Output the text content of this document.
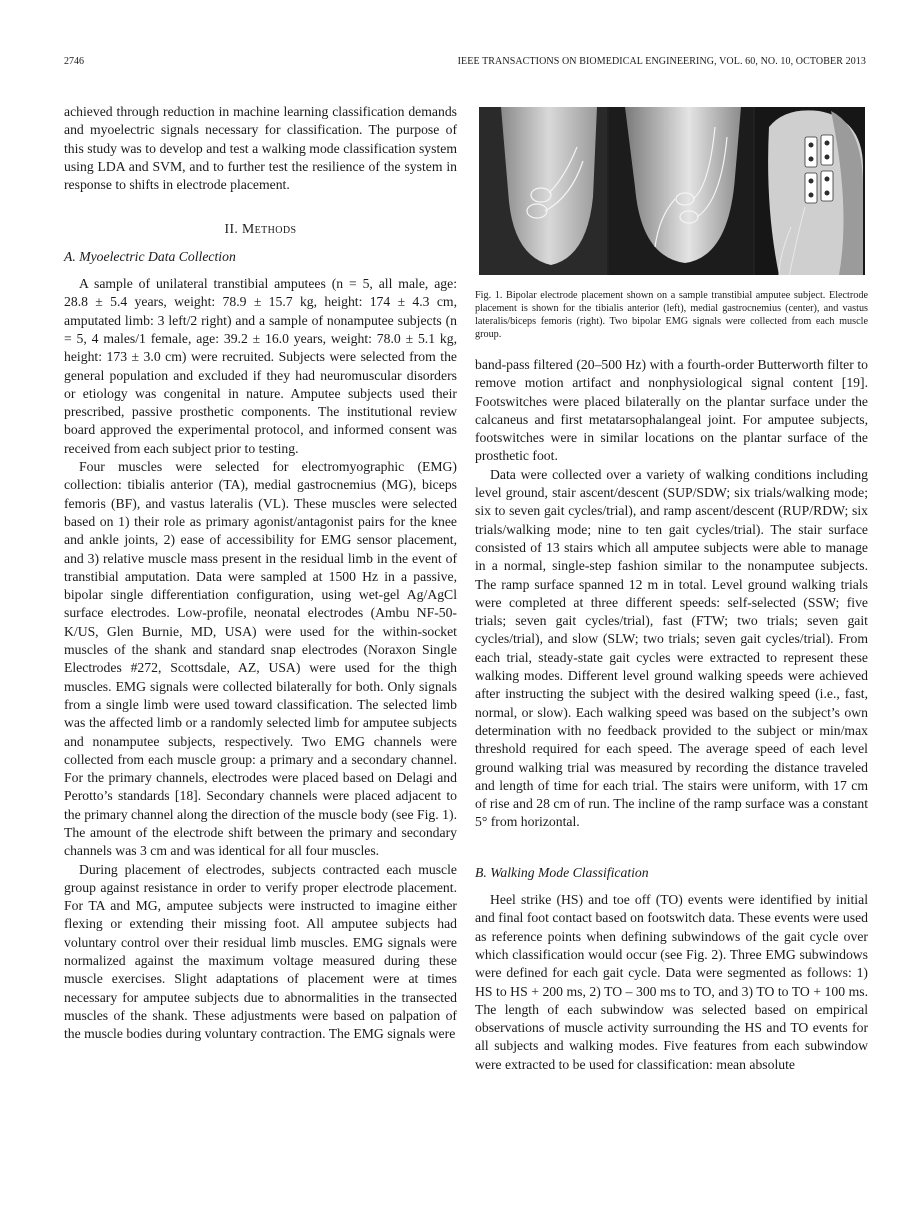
2746	IEEE TRANSACTIONS ON BIOMEDICAL ENGINEERING, VOL. 60, NO. 10, OCTOBER 2013

achieved through reduction in machine learning classification demands and myoelectric signals necessary for classification. The purpose of this study was to develop and test a walking mode classification system using LDA and SVM, and to further test the resilience of the system in response to shifts in electrode placement.

II. Methods
A. Myoelectric Data Collection

A sample of unilateral transtibial amputees (n = 5, all male, age: 28.8 ± 5.4 years, weight: 78.9 ± 15.7 kg, height: 174 ± 4.3 cm, amputated limb: 3 left/2 right) and a sample of nonamputee subjects (n = 5, 4 males/1 female, age: 39.2 ± 16.0 years, weight: 78.0 ± 5.1 kg, height: 173 ± 3.0 cm) were recruited. Subjects were selected from the general population and excluded if they had neuromuscular disorders or etiology was congenital in nature. Amputee subjects used their prescribed, passive prosthetic components. The institutional review board approved the experimental protocol, and informed consent was received from each subject prior to testing.

Four muscles were selected for electromyographic (EMG) collection: tibialis anterior (TA), medial gastrocnemius (MG), biceps femoris (BF), and vastus lateralis (VL). These muscles were selected based on 1) their role as primary agonist/antagonist pairs for the knee and ankle joints, 2) ease of accessibility for EMG sensor placement, and 3) relative muscle mass present in the residual limb in the event of transtibial amputation. Data were sampled at 1500 Hz in a passive, bipolar single differentiation configuration, using wet-gel Ag/AgCl surface electrodes. Low-profile, neonatal electrodes (Ambu NF-50-K/US, Glen Burnie, MD, USA) were used for the within-socket muscles of the shank and standard snap electrodes (Noraxon Single Electrodes #272, Scottsdale, AZ, USA) were used for the thigh muscles. EMG signals were collected bilaterally for both. Only signals from a single limb were used toward classification. The selected limb was the affected limb or a randomly selected limb for amputee subjects and nonamputee subjects, respectively. Two EMG channels were collected from each muscle group: a primary and a secondary channel. For the primary channels, electrodes were placed based on Delagi and Perotto’s standards [18]. Secondary channels were placed adjacent to the primary channel along the direction of the muscle body (see Fig. 1). The amount of the electrode shift between the primary and secondary channels was 3 cm and was identical for all four muscles.

During placement of electrodes, subjects contracted each muscle group against resistance in order to verify proper electrode placement. For TA and MG, amputee subjects were instructed to imagine either flexing or extending their missing foot. All amputee subjects had voluntary control over their residual limb muscles. EMG signals were normalized against the maximum voltage measured during these muscle exercises. Slight adaptations of placement were at times necessary for amputee subjects due to abnormalities in the transected muscles of the shank. These adjustments were based on palpation of the muscle bodies during voluntary contraction. The EMG signals were

Fig. 1. Bipolar electrode placement shown on a sample transtibial amputee subject. Electrode placement is shown for the tibialis anterior (left), medial gastrocnemius (center), and vastus lateralis/biceps femoris (right). Two bipolar EMG signals were collected from each muscle group.

band-pass filtered (20–500 Hz) with a fourth-order Butterworth filter to remove motion artifact and nonphysiological signal content [19]. Footswitches were placed bilaterally on the plantar surface under the calcaneus and first metatarsophalangeal joint. For amputee subjects, footswitches were in similar locations on the plantar surface of the prosthetic foot.

Data were collected over a variety of walking conditions including level ground, stair ascent/descent (SUP/SDW; six trials/walking mode; six to seven gait cycles/trial), and ramp ascent/descent (RUP/RDW; six trials/walking mode; nine to ten gait cycles/trial). The stair surface consisted of 13 stairs which all amputee subjects were able to manage in a normal, single-step fashion similar to the nonamputee subjects. The ramp surface spanned 12 m in total. Level ground walking trials were completed at three different speeds: self-selected (SSW; five trials; seven gait cycles/trial), fast (FTW; two trials; seven gait cycles/trial), and slow (SLW; two trials; seven gait cycles/trial). From each trial, steady-state gait cycles were extracted to represent these walking modes. Different level ground walking speeds were achieved after instructing the subject with the desired walking speed (i.e., fast, normal, or slow). Each walking speed was based on the subject’s own determination with no feedback provided to the subject or min/max threshold required for each speed. The average speed of each level ground walking trial was measured by recording the distance traveled and length of time for each trial. The stairs were uniform, with 17 cm of rise and 28 cm of run. The incline of the ramp surface was a constant 5° from horizontal.

B. Walking Mode Classification

Heel strike (HS) and toe off (TO) events were identified by initial and final foot contact based on footswitch data. These events were used as reference points when defining subwindows of the gait cycle over which classification would occur (see Fig. 2). Three EMG subwindows were defined for each gait cycle. Data were segmented as follows: 1) HS to HS + 200 ms, 2) TO – 300 ms to TO, and 3) TO to TO + 100 ms. The length of each subwindow was selected based on empirical observations of muscle activity surrounding the HS and TO events for all subjects and walking modes. Five features from each subwindow were extracted to be used for classification: mean absolute
